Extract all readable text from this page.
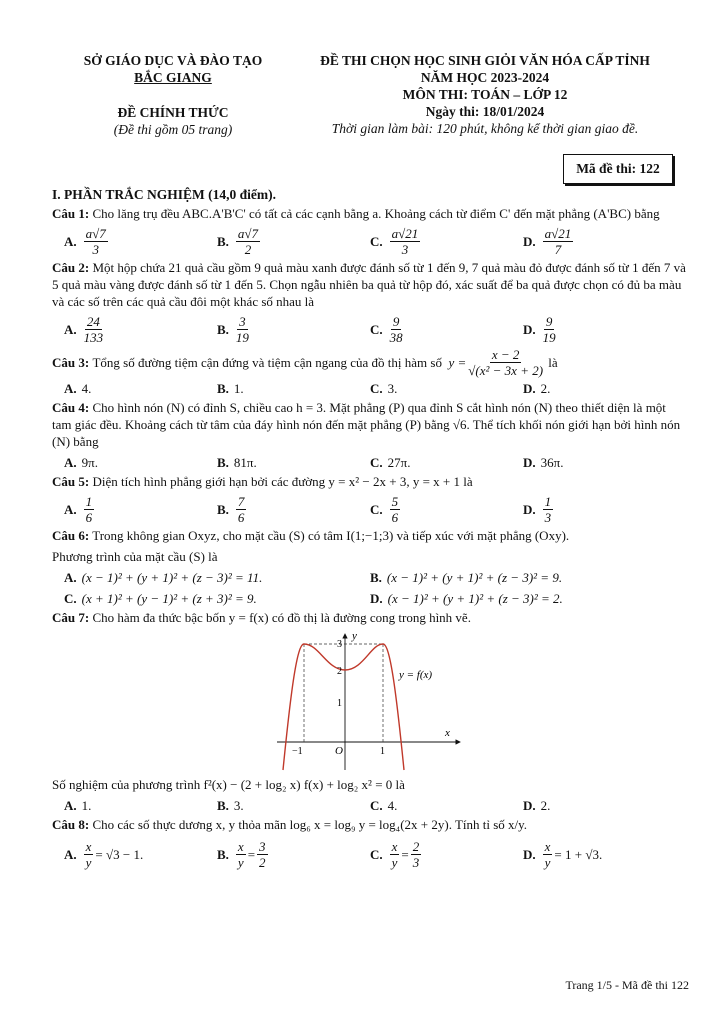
SỞ GIÁO DỤC VÀ ĐÀO TẠO
BẮC GIANG
ĐỀ CHÍNH THỨC
(Đề thi gồm 05 trang)
ĐỀ THI CHỌN HỌC SINH GIỎI VĂN HÓA CẤP TỈNH
NĂM HỌC 2023-2024
MÔN THI: TOÁN – LỚP 12
Ngày thi: 18/01/2024
Thời gian làm bài: 120 phút, không kể thời gian giao đề.
Mã đề thi: 122
I. PHẦN TRẮC NGHIỆM (14,0 điểm).
Câu 1: Cho lăng trụ đều ABC.A'B'C' có tất cả các cạnh bằng a. Khoảng cách từ điểm C' đến mặt phẳng (A'BC) bằng
A. $\frac{a√7}{3}$	B. $\frac{a√7}{2}$	C. $\frac{a√21}{3}$	D. $\frac{a√21}{7}$
Câu 2: Một hộp chứa 21 quả cầu gồm 9 quả màu xanh được đánh số từ 1 đến 9, 7 quả màu đỏ được đánh số từ 1 đến 7 và 5 quả màu vàng được đánh số từ 1 đến 5. Chọn ngẫu nhiên ba quả từ hộp đó, xác suất để ba quả được chọn có đủ ba màu và các số trên các quả cầu đôi một khác số nhau là
A. $\frac{24}{133}$	B. $\frac{3}{19}$	C. $\frac{9}{38}$	D. $\frac{9}{19}$
Câu 3:
Tổng số đường tiệm cận đứng và tiệm cận ngang của đồ thị hàm số
$y = \frac{x - 2}{\text{√(x² − 3x + 2)}}$
là
A. 4.	B. 1.	C. 3.	D. 2.
Câu 4: Cho hình nón (N) có đỉnh S, chiều cao h = 3. Mặt phẳng (P) qua đỉnh S cắt hình nón (N) theo thiết diện là một tam giác đều. Khoảng cách từ tâm của đáy hình nón đến mặt phẳng (P) bằng √6. Thể tích khối nón giới hạn bởi hình nón (N) bằng
A. 9π.	B. 81π.	C. 27π.	D. 36π.
Câu 5: Diện tích hình phẳng giới hạn bởi các đường y = x² − 2x + 3, y = x + 1 là
A. $\frac{1}{6}$	B. $\frac{7}{6}$	C. $\frac{5}{6}$	D. $\frac{1}{3}$
Câu 6: Trong không gian Oxyz, cho mặt cầu (S) có tâm I(1;−1;3) và tiếp xúc với mặt phẳng (Oxy).
Phương trình của mặt cầu (S) là
A. (x − 1)² + (y + 1)² + (z − 3)² = 11.	B. (x − 1)² + (y + 1)² + (z − 3)² = 9.
C. (x + 1)² + (y − 1)² + (z + 3)² = 9.	D. (x − 1)² + (y + 1)² + (z − 3)² = 2.
Câu 7: Cho hàm đa thức bậc bốn y = f(x) có đồ thị là đường cong trong hình vẽ.
y
x
O
3
2
1
−1	1
y = f(x)
Số nghiệm của phương trình f²(x) − (2 + log₂ x) f(x) + log₂ x² = 0 là
A. 1.	B. 3.	C. 4.	D. 2.
Câu 8: Cho các số thực dương x, y thỏa mãn log₆ x = log₉ y = log₄(2x + 2y). Tính tỉ số x/y.
A. $\frac{x}{y}$ =
√3 − 1.	B. $\frac{x}{y} = \frac{3}{2}$	C. $\frac{x}{y} = \frac{2}{3}$	D. $\frac{x}{y}$ =
1 + √3.
Trang 1/5 - Mã đề thi 122
